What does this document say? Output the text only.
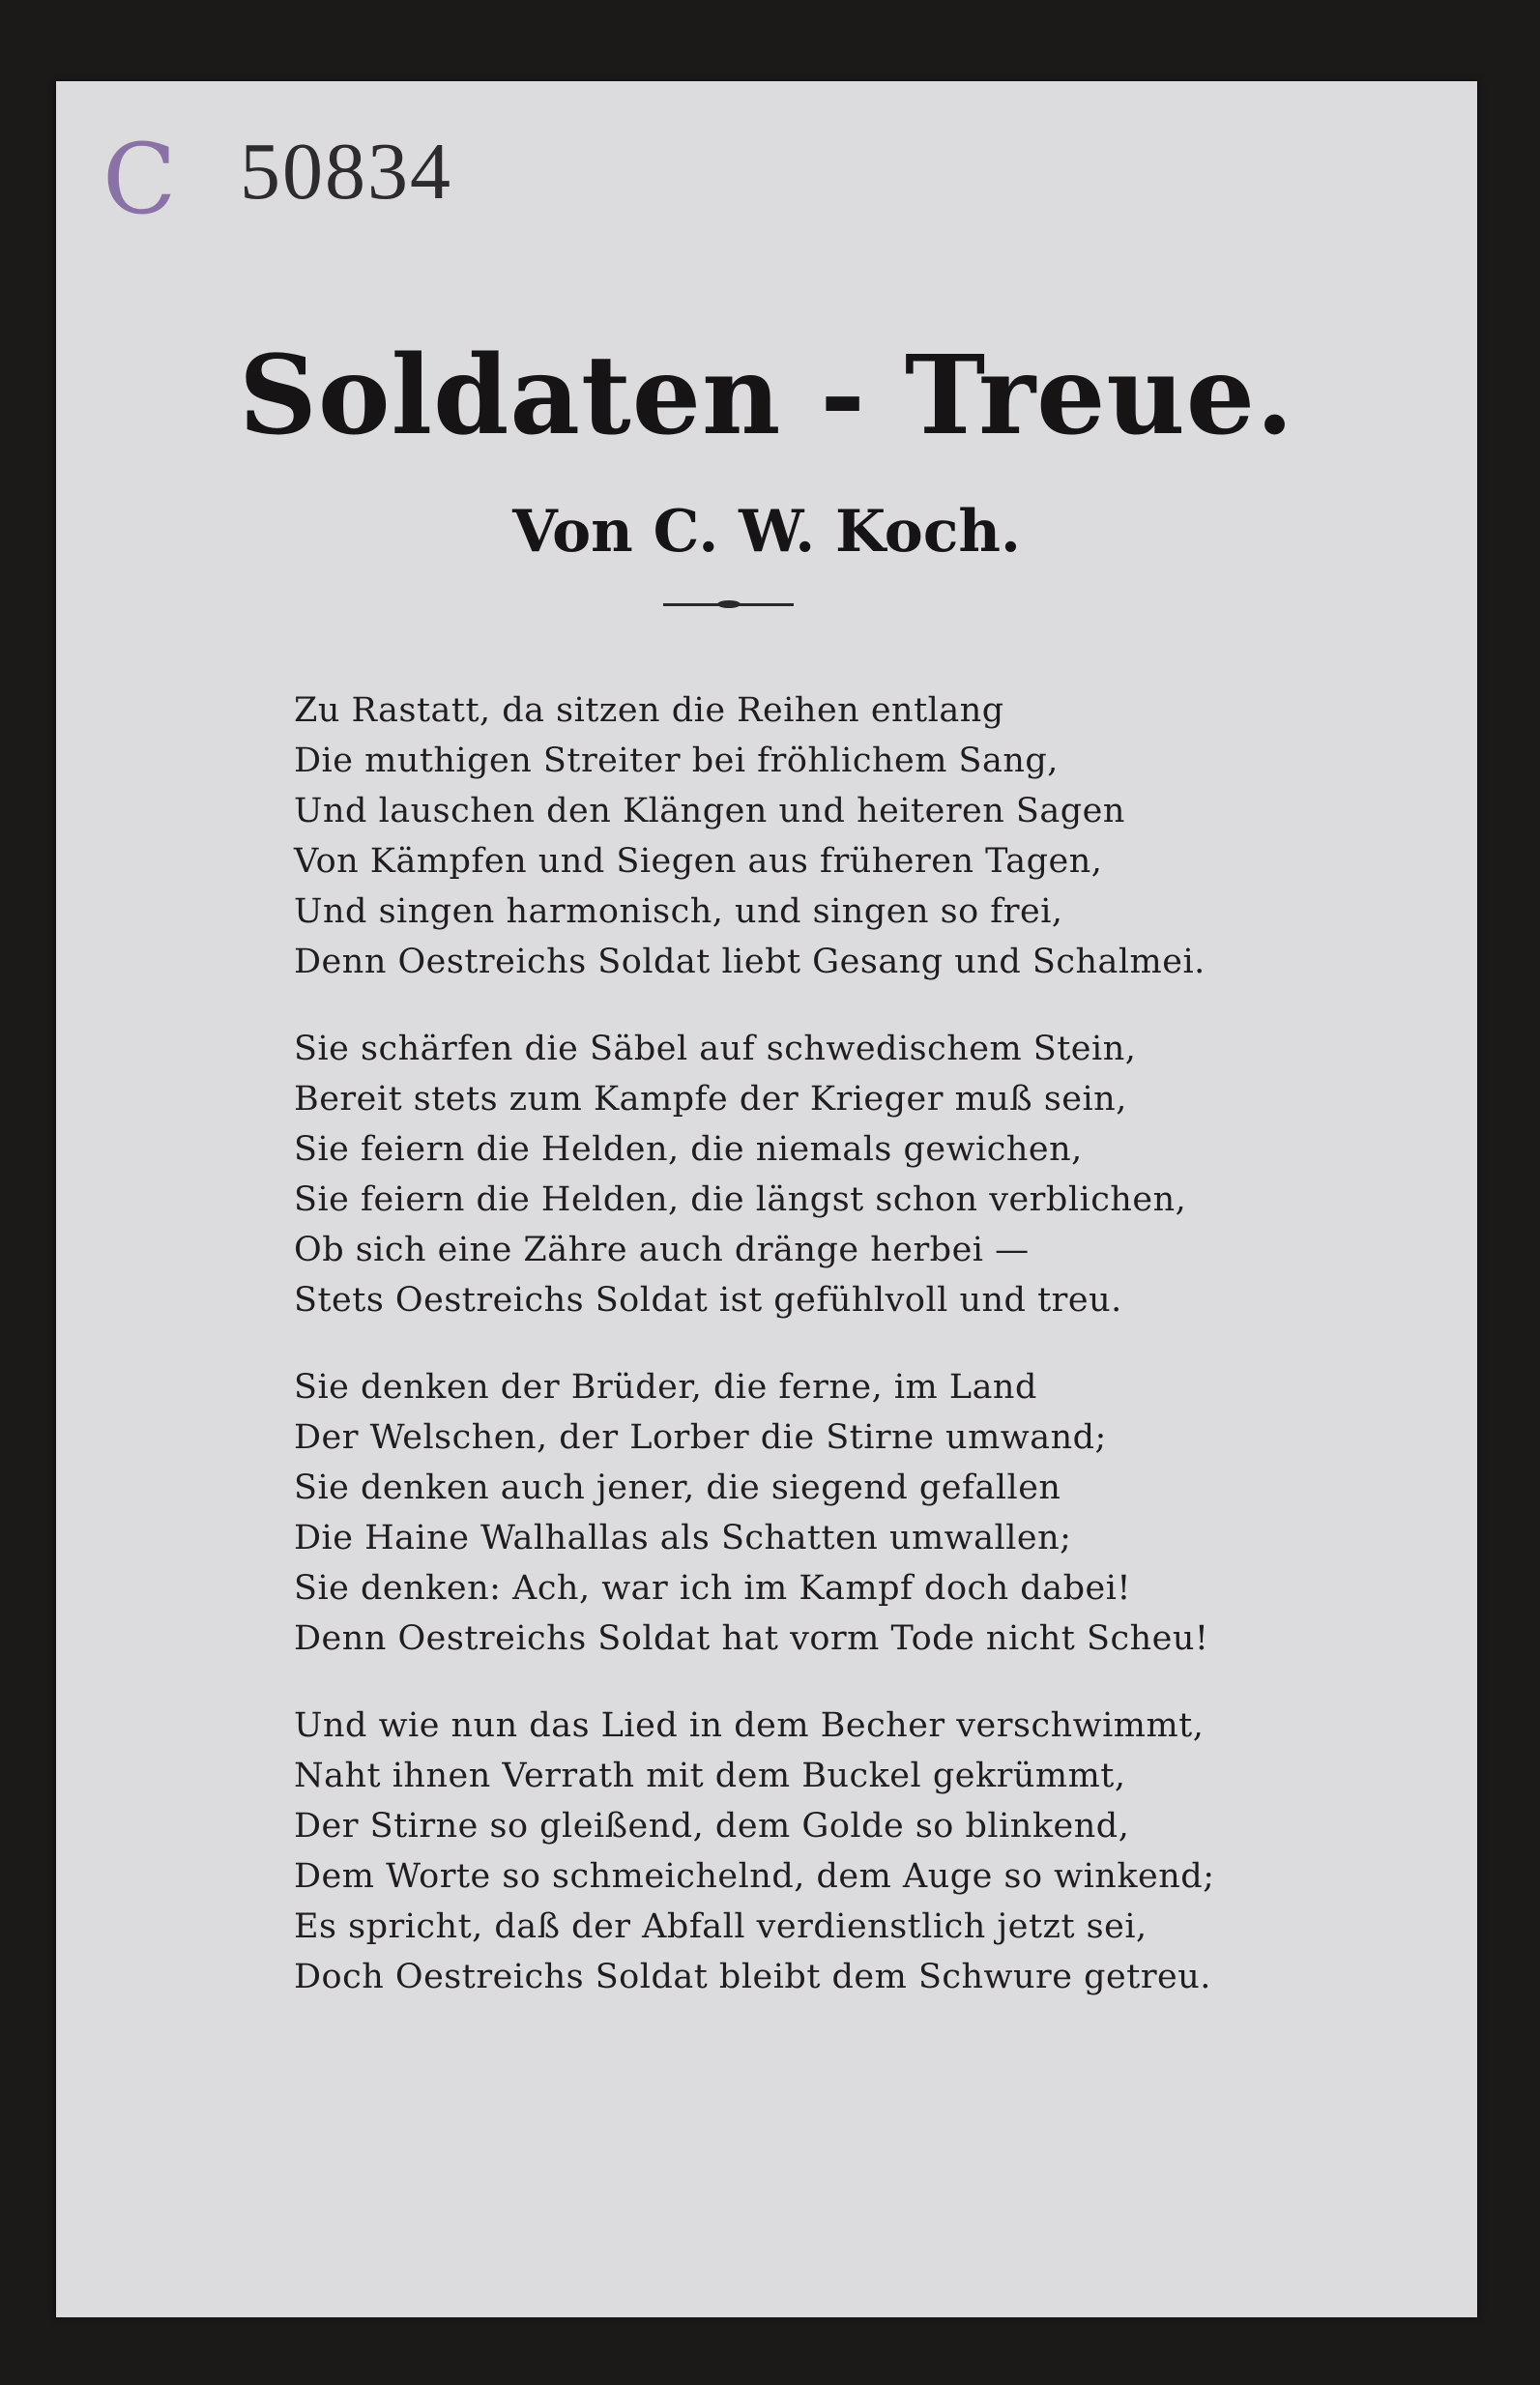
C 50834
Soldaten - Treue.
Von C. W. Koch.
Zu Rastatt, da sitzen die Reihen entlang
Die muthigen Streiter bei fröhlichem Sang,
Und lauschen den Klängen und heiteren Sagen
Von Kämpfen und Siegen aus früheren Tagen,
Und singen harmonisch, und singen so frei,
Denn Oestreichs Soldat liebt Gesang und Schalmei.
Sie schärfen die Säbel auf schwedischem Stein,
Bereit stets zum Kampfe der Krieger muß sein,
Sie feiern die Helden, die niemals gewichen,
Sie feiern die Helden, die längst schon verblichen,
Ob sich eine Zähre auch dränge herbei —
Stets Oestreichs Soldat ist gefühlvoll und treu.
Sie denken der Brüder, die ferne, im Land
Der Welschen, der Lorber die Stirne umwand;
Sie denken auch jener, die siegend gefallen
Die Haine Walhallas als Schatten umwallen;
Sie denken: Ach, war ich im Kampf doch dabei!
Denn Oestreichs Soldat hat vorm Tode nicht Scheu!
Und wie nun das Lied in dem Becher verschwimmt,
Naht ihnen Verrath mit dem Buckel gekrümmt,
Der Stirne so gleißend, dem Golde so blinkend,
Dem Worte so schmeichelnd, dem Auge so winkend;
Es spricht, daß der Abfall verdienstlich jetzt sei,
Doch Oestreichs Soldat bleibt dem Schwure getreu.
